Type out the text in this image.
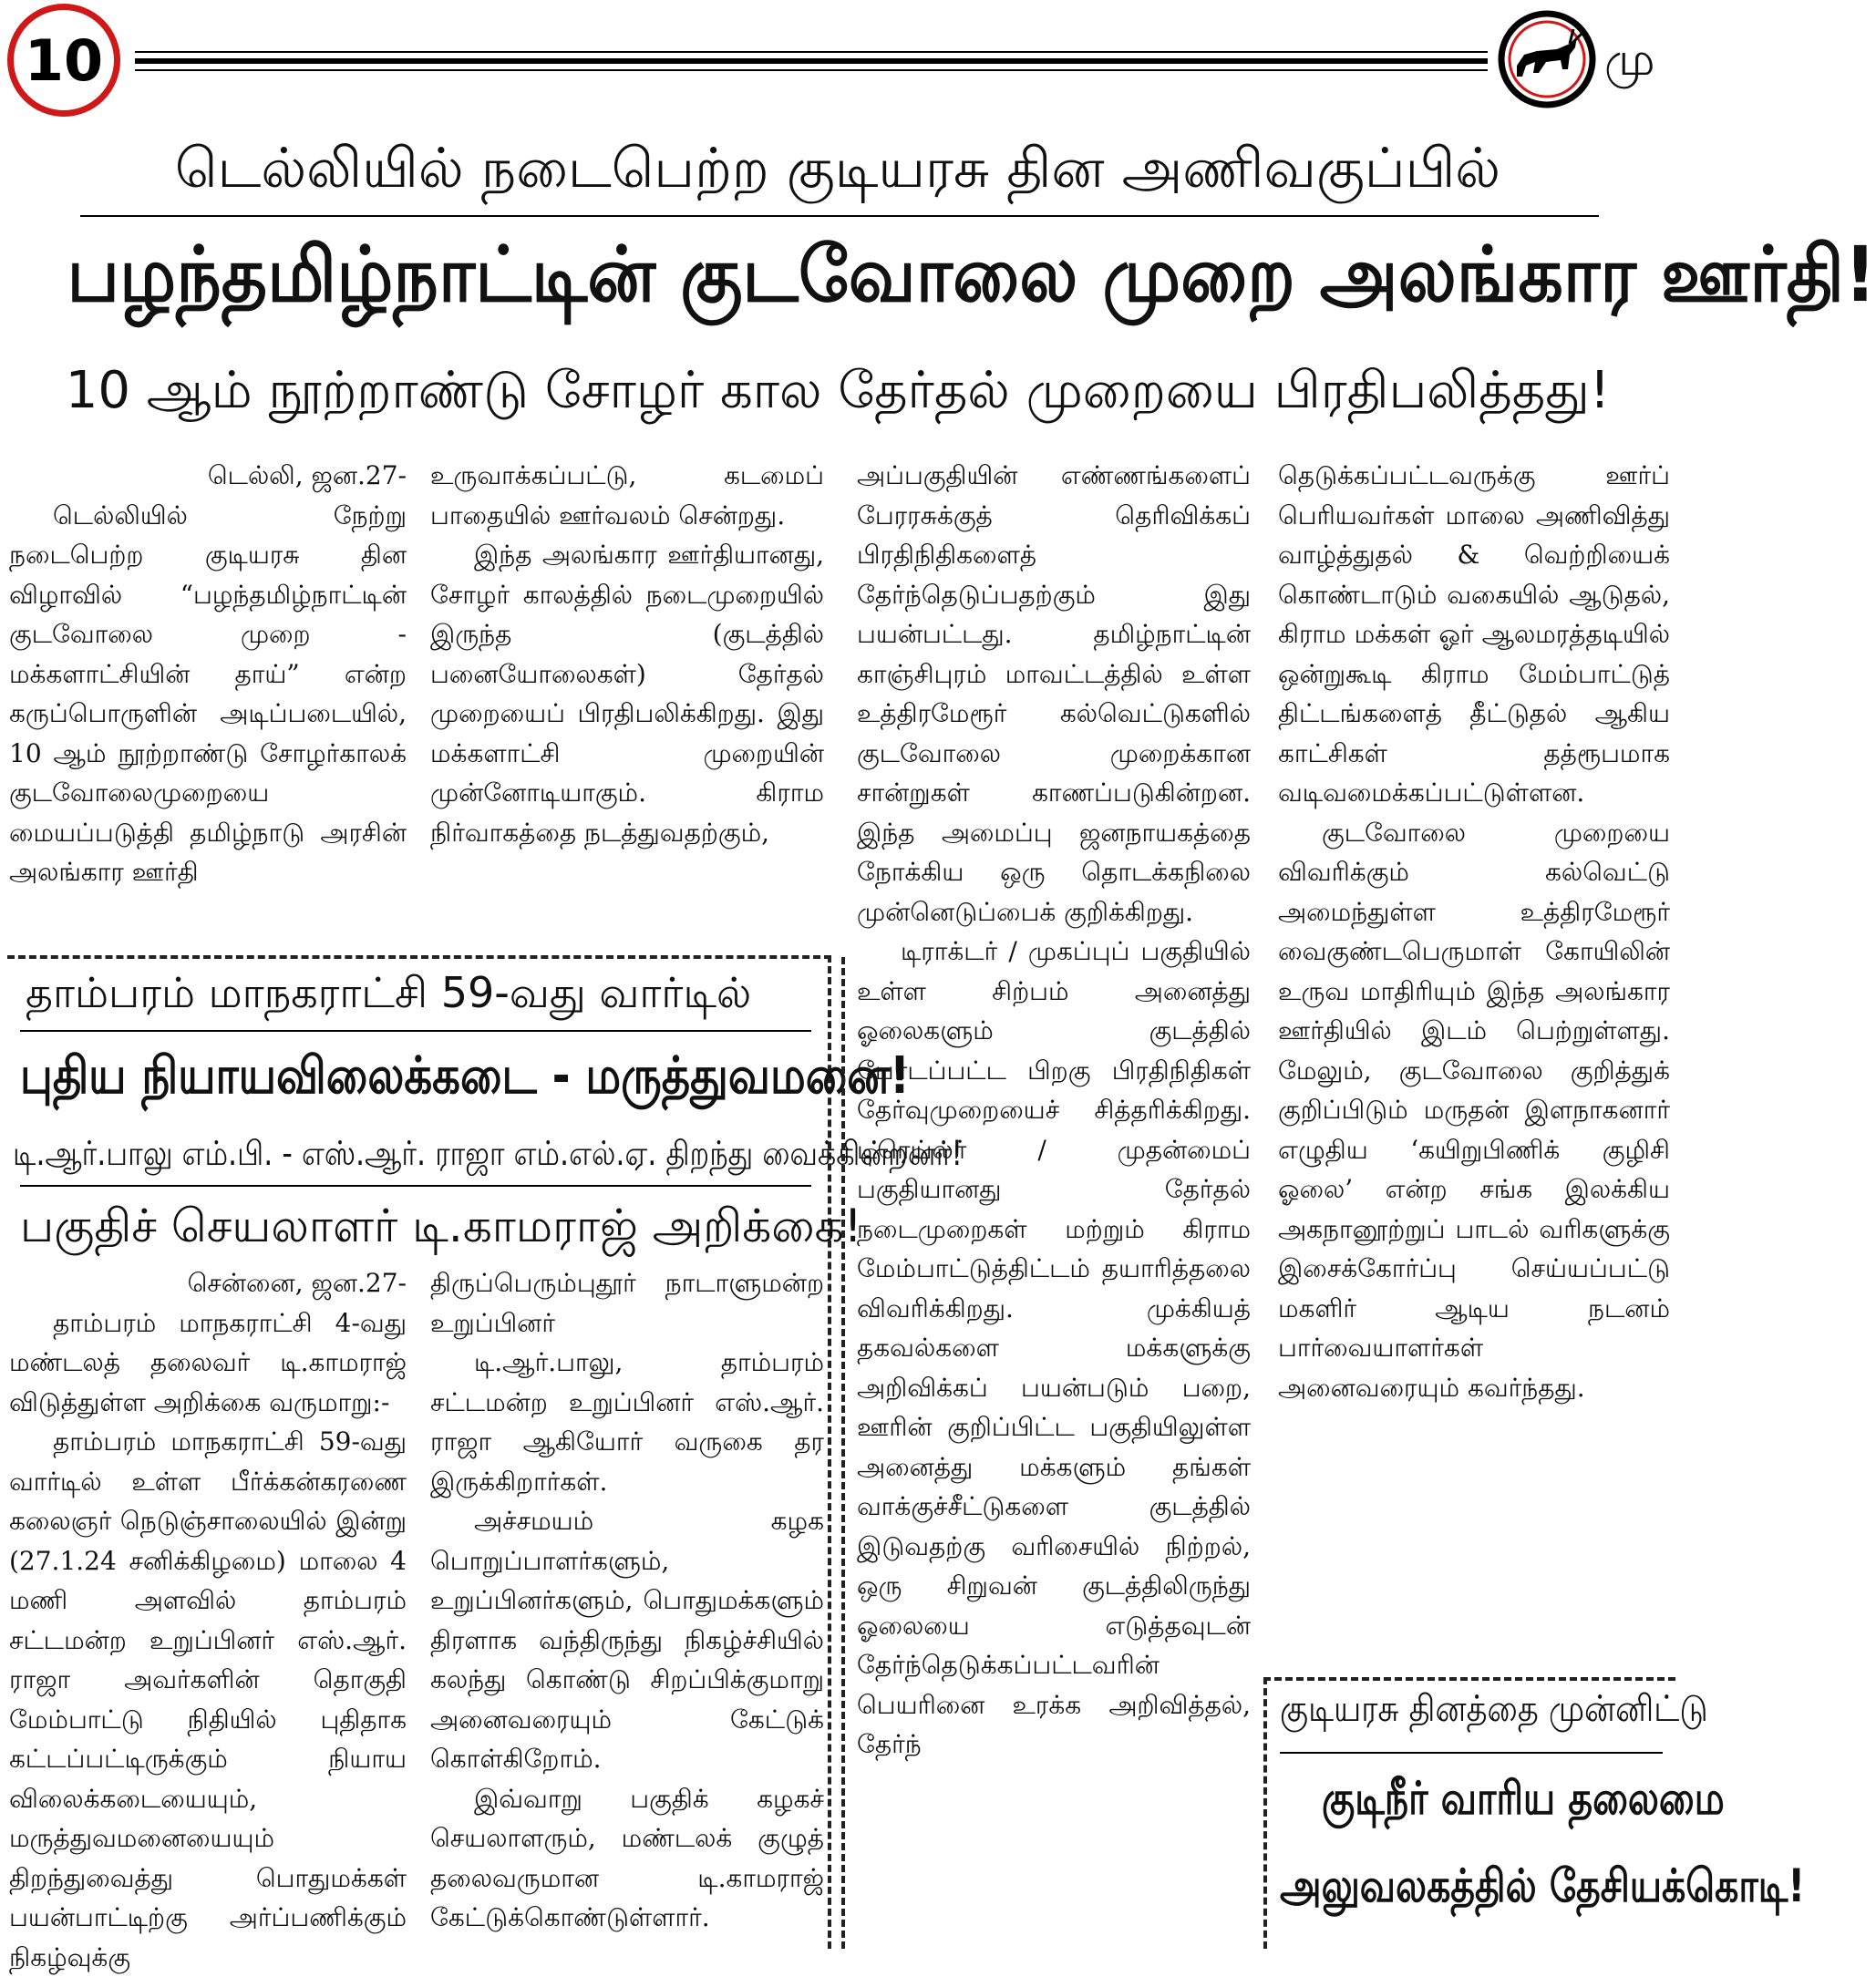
10	மு
டெல்லியில் நடைபெற்ற குடியரசு தின அணிவகுப்பில்
பழந்தமிழ்நாட்டின் குடவோலை முறை அலங்கார ஊர்தி!
10 ஆம் நூற்றாண்டு சோழர் கால தேர்தல் முறையை பிரதிபலித்தது!

டெல்லி, ஜன.27-

டெல்லியில் நேற்று நடைபெற்ற குடியரசு தின விழாவில் “பழந்தமிழ்நாட்டின் குடவோலை முறை - மக்களாட்சியின் தாய்” என்ற கருப்பொருளின் அடிப்படையில், 10 ஆம் நூற்றாண்டு சோழர்காலக் குடவோலைமுறையை மையப்படுத்தி தமிழ்நாடு அரசின் அலங்கார ஊர்தி

உருவாக்கப்பட்டு, கடமைப் பாதையில் ஊர்வலம் சென்றது.

இந்த அலங்கார ஊர்தியானது, சோழர் காலத்தில் நடைமுறையில் இருந்த (குடத்தில் பனையோலைகள்) தேர்தல் முறையைப் பிரதிபலிக்கிறது. இது மக்களாட்சி முறையின் முன்னோடியாகும். கிராம நிர்வாகத்தை நடத்துவதற்கும்,

அப்பகுதியின் எண்ணங்களைப் பேரரசுக்குத் தெரிவிக்கப் பிரதிநிதிகளைத் தேர்ந்தெடுப்பதற்கும் இது பயன்பட்டது. தமிழ்நாட்டின் காஞ்சிபுரம் மாவட்டத்தில் உள்ள உத்திரமேரூர் கல்வெட்டுகளில் குடவோலை முறைக்கான சான்றுகள் காணப்படுகின்றன. இந்த அமைப்பு ஜனநாயகத்தை நோக்கிய ஒரு தொடக்கநிலை முன்னெடுப்பைக் குறிக்கிறது.

டிராக்டர் / முகப்புப் பகுதியில் உள்ள சிற்பம் அனைத்து ஓலைகளும் குடத்தில் போடப்பட்ட பிறகு பிரதிநிதிகள் தேர்வுமுறையைச் சித்தரிக்கிறது. டிரெய்லர் / முதன்மைப் பகுதியானது தேர்தல் நடைமுறைகள் மற்றும் கிராம மேம்பாட்டுத்திட்டம் தயாரித்தலை விவரிக்கிறது. முக்கியத் தகவல்களை மக்களுக்கு அறிவிக்கப் பயன்படும் பறை, ஊரின் குறிப்பிட்ட பகுதியிலுள்ள அனைத்து மக்களும் தங்கள் வாக்குச்சீட்டுகளை குடத்தில் இடுவதற்கு வரிசையில் நிற்றல், ஒரு சிறுவன் குடத்திலிருந்து ஓலையை எடுத்தவுடன் தேர்ந்தெடுக்கப்பட்டவரின் பெயரினை உரக்க அறிவித்தல், தேர்ந்

தெடுக்கப்பட்டவருக்கு ஊர்ப் பெரியவர்கள் மாலை அணிவித்து வாழ்த்துதல் & வெற்றியைக் கொண்டாடும் வகையில் ஆடுதல், கிராம மக்கள் ஓர் ஆலமரத்தடியில் ஒன்றுகூடி கிராம மேம்பாட்டுத் திட்டங்களைத் தீட்டுதல் ஆகிய காட்சிகள் தத்ரூபமாக வடிவமைக்கப்பட்டுள்ளன.

குடவோலை முறையை விவரிக்கும் கல்வெட்டு அமைந்துள்ள உத்திரமேரூர் வைகுண்டபெருமாள் கோயிலின் உருவ மாதிரியும் இந்த அலங்கார ஊர்தியில் இடம் பெற்றுள்ளது. மேலும், குடவோலை குறித்துக் குறிப்பிடும் மருதன் இளநாகனார் எழுதிய ‘கயிறுபிணிக் குழிசி ஓலை’ என்ற சங்க இலக்கிய அகநானூற்றுப் பாடல் வரிகளுக்கு இசைக்கோர்ப்பு செய்யப்பட்டு மகளிர் ஆடிய நடனம் பார்வையாளர்கள் அனைவரையும் கவர்ந்தது.

தாம்பரம் மாநகராட்சி 59-வது வார்டில்
புதிய நியாயவிலைக்கடை - மருத்துவமனை!
டி.ஆர்.பாலு எம்.பி. - எஸ்.ஆர். ராஜா எம்.எல்.ஏ. திறந்து வைக்கின்றனர்!
பகுதிச் செயலாளர் டி.காமராஜ் அறிக்கை!

சென்னை, ஜன.27-

தாம்பரம் மாநகராட்சி 4-வது மண்டலத் தலைவர் டி.காமராஜ் விடுத்துள்ள அறிக்கை வருமாறு:-

தாம்பரம் மாநகராட்சி 59-வது வார்டில் உள்ள பீர்க்கன்கரணை கலைஞர் நெடுஞ்சாலையில் இன்று (27.1.24 சனிக்கிழமை) மாலை 4 மணி அளவில் தாம்பரம் சட்டமன்ற உறுப்பினர் எஸ்.ஆர். ராஜா அவர்களின் தொகுதி மேம்பாட்டு நிதியில் புதிதாக கட்டப்பட்டிருக்கும் நியாய விலைக்கடையையும், மருத்துவமனையையும் திறந்துவைத்து பொதுமக்கள் பயன்பாட்டிற்கு அர்ப்பணிக்கும் நிகழ்வுக்கு

திருப்பெரும்புதூர் நாடாளுமன்ற உறுப்பினர்

டி.ஆர்.பாலு, தாம்பரம் சட்டமன்ற உறுப்பினர் எஸ்.ஆர். ராஜா ஆகியோர் வருகை தர இருக்கிறார்கள்.

அச்சமயம் கழக பொறுப்பாளர்களும், உறுப்பினர்களும், பொதுமக்களும் திரளாக வந்திருந்து நிகழ்ச்சியில் கலந்து கொண்டு சிறப்பிக்குமாறு அனைவரையும் கேட்டுக் கொள்கிறோம்.

இவ்வாறு பகுதிக் கழகச் செயலாளரும், மண்டலக் குழுத் தலைவருமான டி.காமராஜ் கேட்டுக்கொண்டுள்ளார்.

குடியரசு தினத்தை முன்னிட்டு
குடிநீர் வாரிய தலைமை
அலுவலகத்தில் தேசியக்கொடி!
